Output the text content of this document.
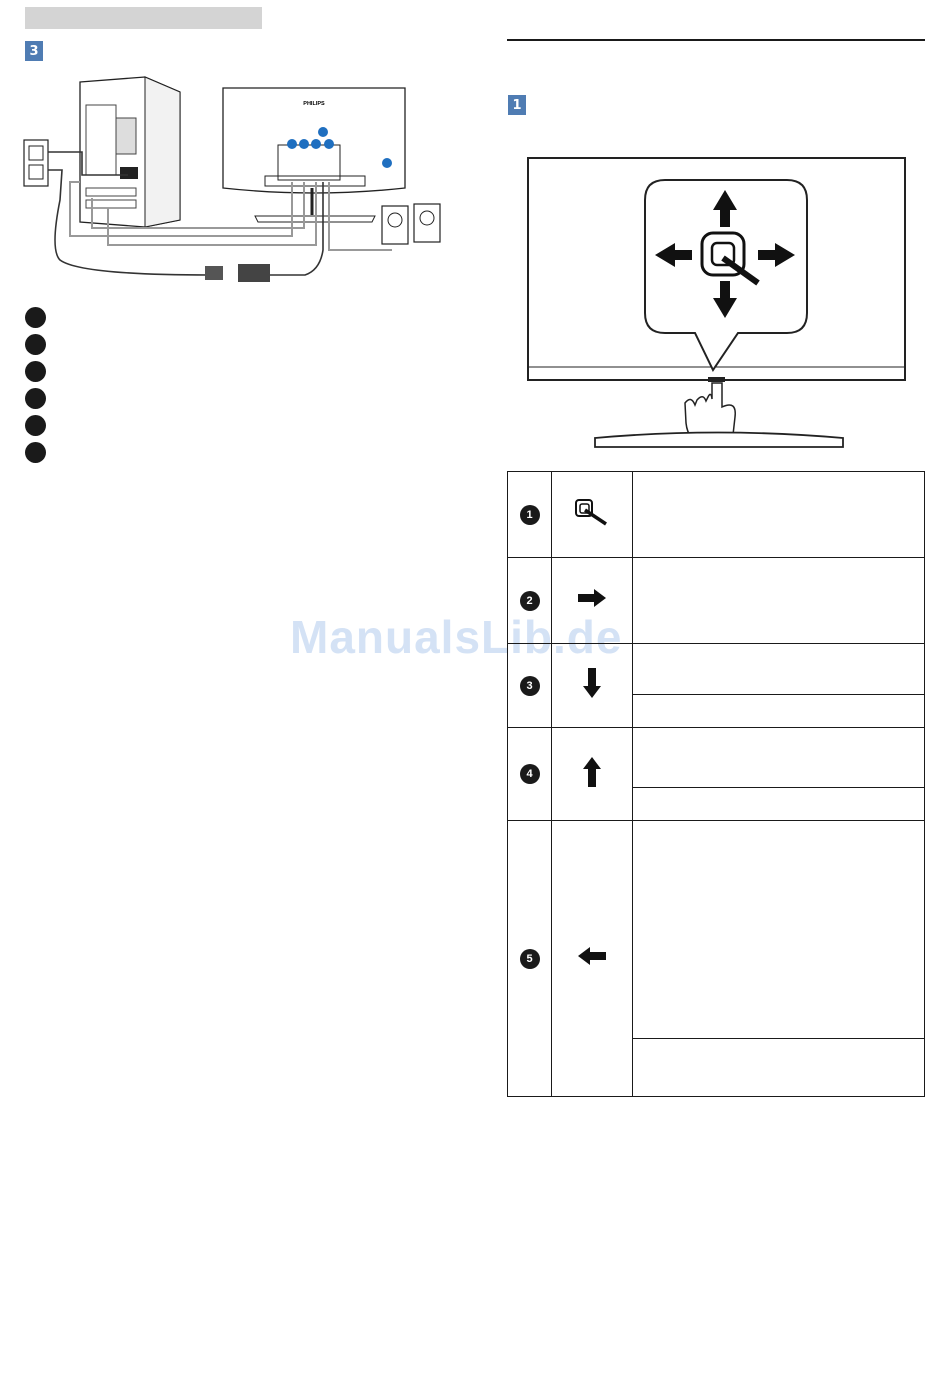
3
PHILIPS	1
ManualsLib.de
1		
2		
3		

4		

5		
